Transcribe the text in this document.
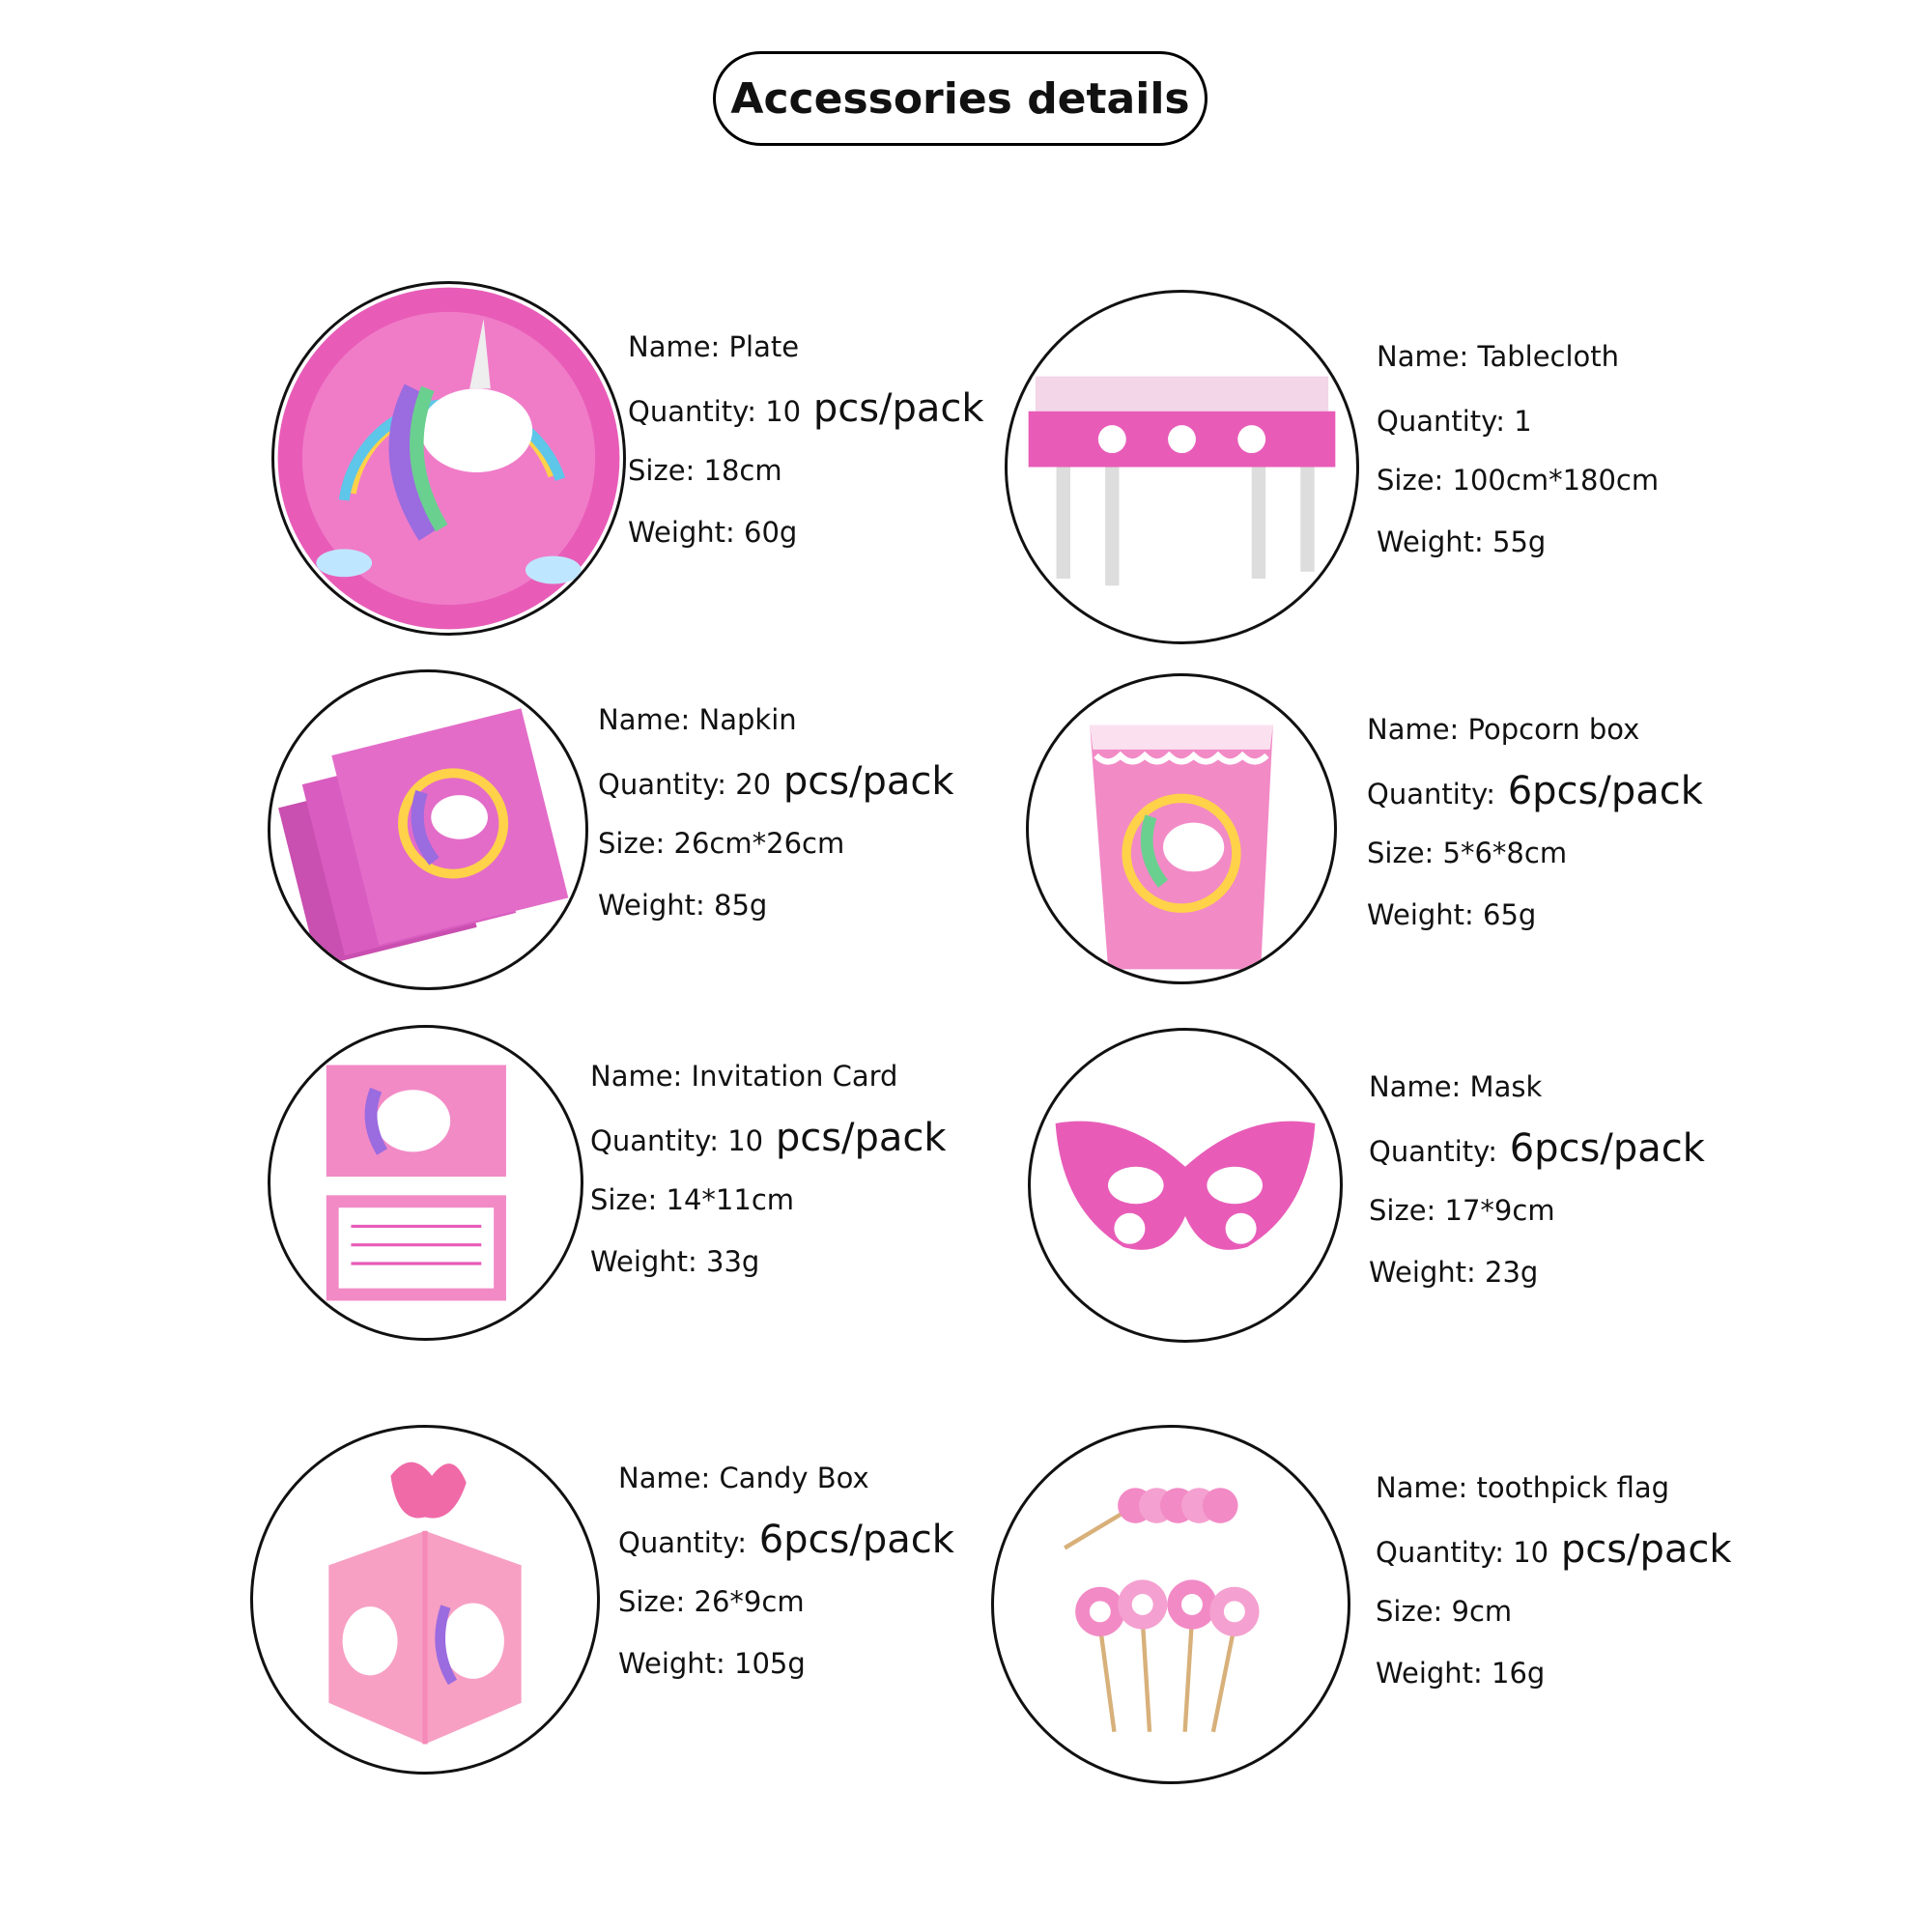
Accessories details
Name: Plate
Quantity: 10 pcs/pack
Size: 18cm
Weight: 60g
Name: Tablecloth
Quantity: 1
Size: 100cm*180cm
Weight: 55g
Name: Napkin
Quantity: 20 pcs/pack
Size: 26cm*26cm
Weight: 85g
Name: Popcorn box
Quantity: 6pcs/pack
Size: 5*6*8cm
Weight: 65g
Name: Invitation Card
Quantity: 10 pcs/pack
Size: 14*11cm
Weight: 33g
Name: Mask
Quantity: 6pcs/pack
Size: 17*9cm
Weight: 23g
Name: Candy Box
Quantity: 6pcs/pack
Size: 26*9cm
Weight: 105g
Name: toothpick flag
Quantity: 10 pcs/pack
Size: 9cm
Weight: 16g
